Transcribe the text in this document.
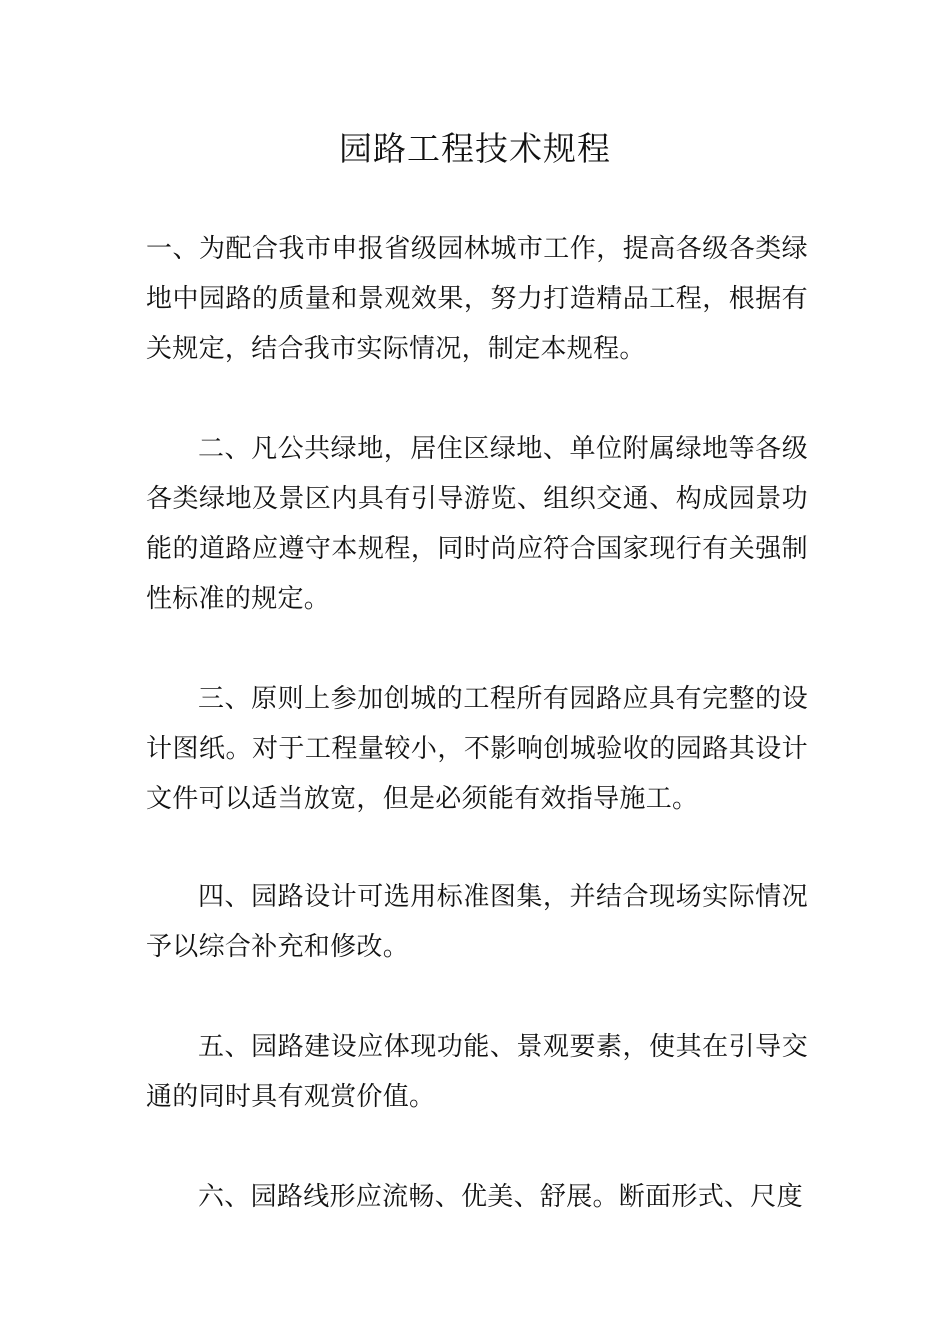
园路工程技术规程

一、为配合我市申报省级园林城市工作，提高各级各类绿地中园路的质量和景观效果，努力打造精品工程，根据有关规定，结合我市实际情况，制定本规程。

二、凡公共绿地，居住区绿地、单位附属绿地等各级各类绿地及景区内具有引导游览、组织交通、构成园景功能的道路应遵守本规程，同时尚应符合国家现行有关强制性标准的规定。

三、原则上参加创城的工程所有园路应具有完整的设计图纸。对于工程量较小，不影响创城验收的园路其设计文件可以适当放宽，但是必须能有效指导施工。

四、园路设计可选用标准图集，并结合现场实际情况予以综合补充和修改。

五、园路建设应体现功能、景观要素，使其在引导交通的同时具有观赏价值。

六、园路线形应流畅、优美、舒展。断面形式、尺度
